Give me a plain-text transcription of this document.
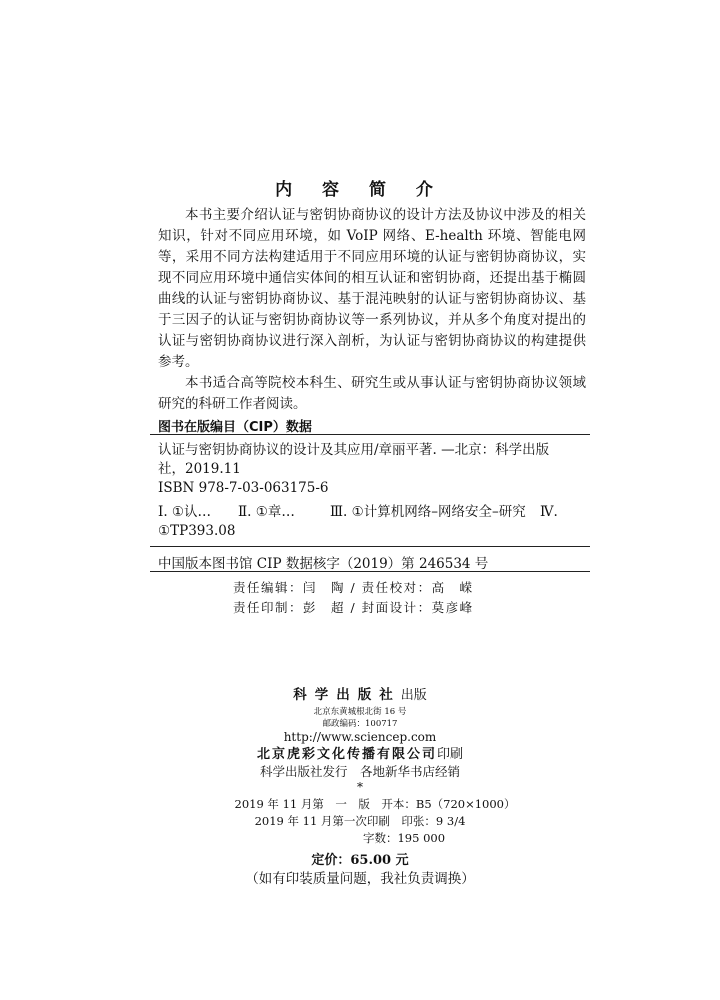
内 容 简 介

本书主要介绍认证与密钥协商协议的设计方法及协议中涉及的相关知识，针对不同应用环境，如 VoIP 网络、E-health 环境、智能电网等，采用不同方法构建适用于不同应用环境的认证与密钥协商协议，实现不同应用环境中通信实体间的相互认证和密钥协商，还提出基于椭圆曲线的认证与密钥协商协议、基于混沌映射的认证与密钥协商协议、基于三因子的认证与密钥协商协议等一系列协议，并从多个角度对提出的认证与密钥协商协议进行深入剖析，为认证与密钥协商协议的构建提供参考。

本书适合高等院校本科生、研究生或从事认证与密钥协商协议领域研究的科研工作者阅读。

图书在版编目（CIP）数据
认证与密钥协商协议的设计及其应用/章丽平著. —北京：科学出版
社，2019.11
ISBN 978-7-03-063175-6
Ⅰ. ①认… Ⅱ. ①章…	Ⅲ. ①计算机网络–网络安全–研究 Ⅳ.
①TP393.08
中国版本图书馆 CIP 数据核字（2019）第 246534 号
责任编辑：闫　陶 / 责任校对：高　嵘
责任印制：彭　超 / 封面设计：莫彦峰
科学出版社出版
北京东黄城根北街 16 号
邮政编码：100717
http://www.sciencep.com
北京虎彩文化传播有限公司印刷
科学出版社发行　各地新华书店经销
*
2019 年 11 月第　一　版　开本：B5（720×1000）
2019 年 11 月第一次印刷　印张：9 3/4
字数：195 000
定价：65.00 元
（如有印装质量问题，我社负责调换）
